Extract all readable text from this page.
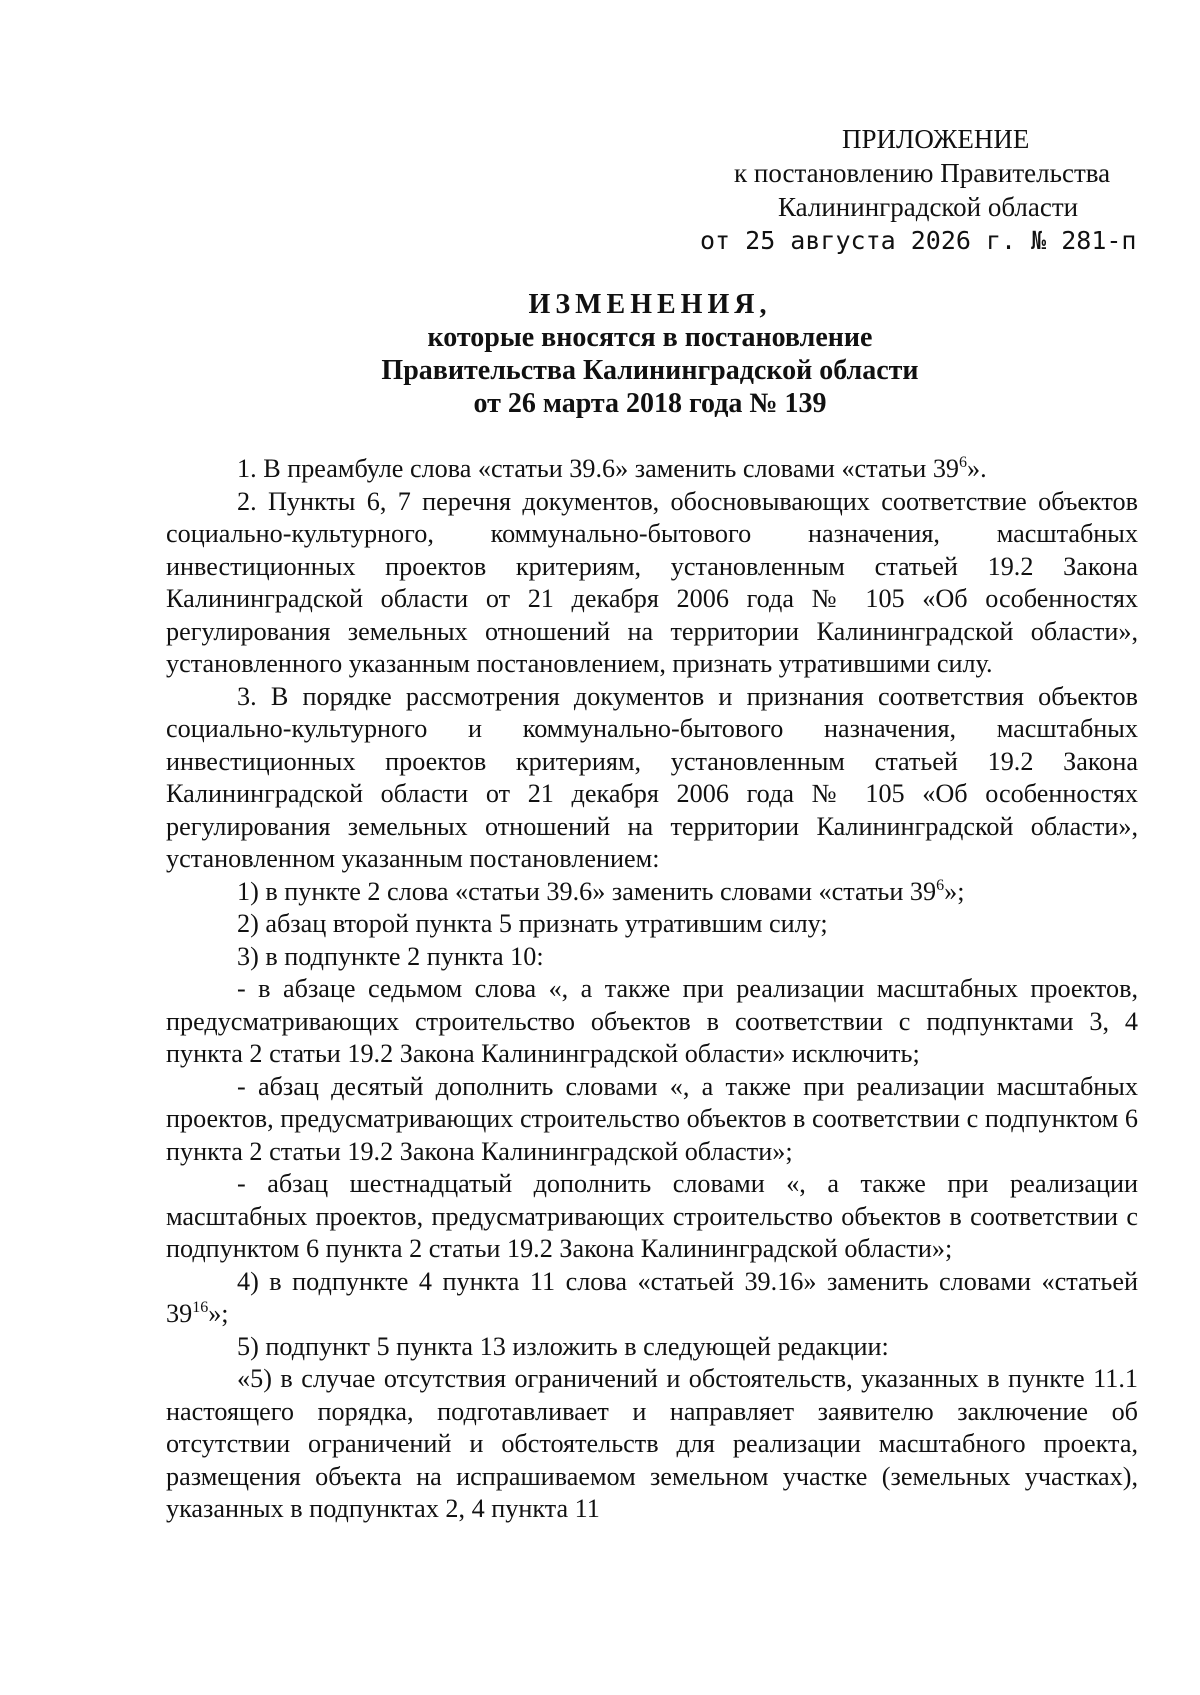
ПРИЛОЖЕНИЕ
к постановлению Правительства
Калининградской области
от 25 августа 2026 г. № 281-п
ИЗМЕНЕНИЯ,
которые вносятся в постановление
Правительства Калининградской области
от 26 марта 2018 года № 139

1. В преамбуле слова «статьи 39.6» заменить словами «статьи $39^6$».

2. Пункты 6, 7 перечня документов, обосновывающих соответствие объектов социально-культурного, коммунально-бытового назначения, масштабных инвестиционных проектов критериям, установленным статьей 19.2 Закона Калининградской области от 21 декабря 2006 года № 105 «Об особенностях регулирования земельных отношений на территории Калининградской области», установленного указанным постановлением, признать утратившими силу.

3. В порядке рассмотрения документов и признания соответствия объектов социально-культурного и коммунально-бытового назначения, масштабных инвестиционных проектов критериям, установленным статьей 19.2 Закона Калининградской области от 21 декабря 2006 года № 105 «Об особенностях регулирования земельных отношений на территории Калининградской области», установленном указанным постановлением:

1) в пункте 2 слова «статьи 39.6» заменить словами «статьи $39^6$»;

2) абзац второй пункта 5 признать утратившим силу;

3) в подпункте 2 пункта 10:

- в абзаце седьмом слова «, а также при реализации масштабных проектов, предусматривающих строительство объектов в соответствии с подпунктами 3, 4 пункта 2 статьи 19.2 Закона Калининградской области» исключить;

- абзац десятый дополнить словами «, а также при реализации масштабных проектов, предусматривающих строительство объектов в соответствии с подпунктом 6 пункта 2 статьи 19.2 Закона Калининградской области»;

- абзац шестнадцатый дополнить словами «, а также при реализации масштабных проектов, предусматривающих строительство объектов в соответствии с подпунктом 6 пункта 2 статьи 19.2 Закона Калининградской области»;

4) в подпункте 4 пункта 11 слова «статьей 39.16» заменить словами «статьей $39^{16}$»;

5) подпункт 5 пункта 13 изложить в следующей редакции:

«5) в случае отсутствия ограничений и обстоятельств, указанных в пункте 11.1 настоящего порядка, подготавливает и направляет заявителю заключение об отсутствии ограничений и обстоятельств для реализации масштабного проекта, размещения объекта на испрашиваемом земельном участке (земельных участках), указанных в подпунктах 2, 4 пункта 11
